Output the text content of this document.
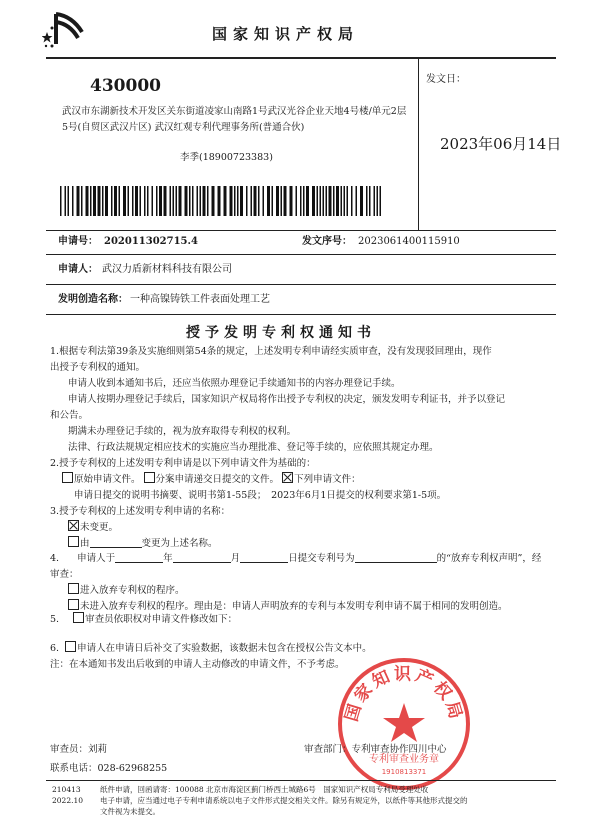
国家知识产权局
430000
武汉市东湖新技术开发区关东街道凌家山南路1号武汉光谷企业天地4号楼/单元2层5号(自贸区武汉片区) 武汉红观专利代理事务所(普通合伙)
李季(18900723383)
发文日：
2023年06月14日
申请号： 202011302715.4	发文序号： 2023061400115910
申请人： 武汉力盾新材料科技有限公司
发明创造名称： 一种高镍铸铁工件表面处理工艺
授予发明专利权通知书
1.根据专利法第39条及实施细则第54条的规定，上述发明专利申请经实质审查，没有发现驳回理由，现作
出授予专利权的通知。
申请人收到本通知书后，还应当依照办理登记手续通知书的内容办理登记手续。
申请人按期办理登记手续后，国家知识产权局将作出授予专利权的决定，颁发发明专利证书，并予以登记
和公告。
期满未办理登记手续的，视为放弃取得专利权的权利。
法律、行政法规规定相应技术的实施应当办理批准、登记等手续的，应依照其规定办理。
2.授予专利权的上述发明专利申请是以下列申请文件为基础的：
原始申请文件。 分案申请递交日提交的文件。 下列申请文件：
申请日提交的说明书摘要、说明书第1-55段；　2023年6月1日提交的权利要求第1-5项。
3.授予专利权的上述发明专利申请的名称：
未变更。
由	变更为上述名称。
4. 申请人于	年	月	日提交专利号为	的“放弃专利权声明”，经
审查：
进入放弃专利权的程序。
未进入放弃专利权的程序。理由是：申请人声明放弃的专利与本发明专利申请不属于相同的发明创造。
5.	审查员依职权对申请文件修改如下：
6. 申请人在申请日后补交了实验数据，该数据未包含在授权公告文本中。
注：在本通知书发出后收到的申请人主动修改的申请文件，不予考虑。
国家知识产权局
专利审查业务章
1910813371
审查员：刘莉	审查部门：专利审查协作四川中心
联系电话：028-62968255
210413
2022.10
纸件申请，回函请寄：100088 北京市海淀区蓟门桥西土城路6号　国家知识产权局专利局受理处收
电子申请，应当通过电子专利申请系统以电子文件形式提交相关文件。除另有规定外，以纸件等其他形式提交的
文件视为未提交。
